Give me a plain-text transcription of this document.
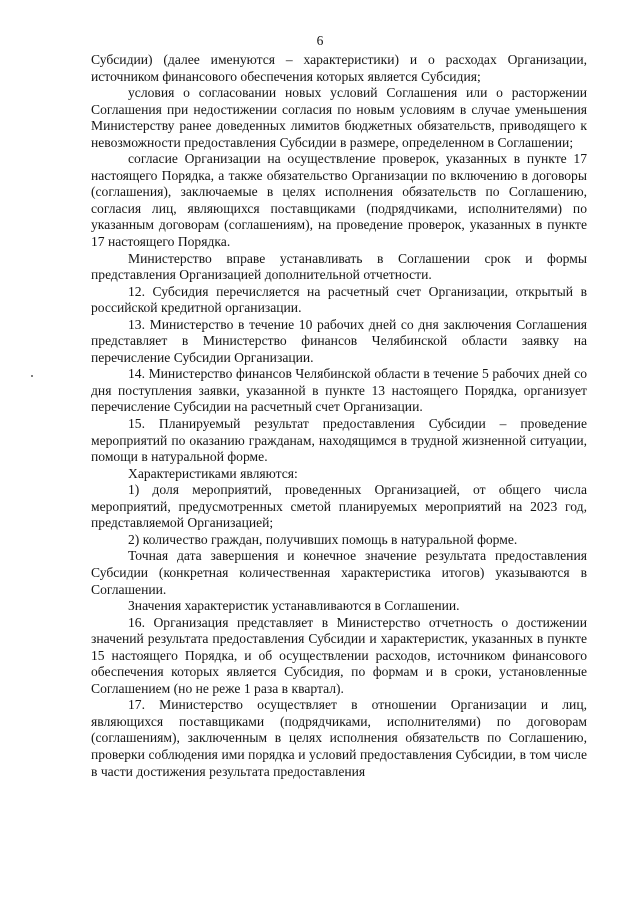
6

Субсидии) (далее именуются – характеристики) и о расходах Организации, источником финансового обеспечения которых является Субсидия;

условия о согласовании новых условий Соглашения или о расторжении Соглашения при недостижении согласия по новым условиям в случае уменьшения Министерству ранее доведенных лимитов бюджетных обязательств, приводящего к невозможности предоставления Субсидии в размере, определенном в Соглашении;

согласие Организации на осуществление проверок, указанных в пункте 17 настоящего Порядка, а также обязательство Организации по включению в договоры (соглашения), заключаемые в целях исполнения обязательств по Соглашению, согласия лиц, являющихся поставщиками (подрядчиками, исполнителями) по указанным договорам (соглашениям), на проведение проверок, указанных в пункте 17 настоящего Порядка.

Министерство вправе устанавливать в Соглашении срок и формы представления Организацией дополнительной отчетности.

12. Субсидия перечисляется на расчетный счет Организации, открытый в российской кредитной организации.

13. Министерство в течение 10 рабочих дней со дня заключения Соглашения представляет в Министерство финансов Челябинской области заявку на перечисление Субсидии Организации.

14. Министерство финансов Челябинской области в течение 5 рабочих дней со дня поступления заявки, указанной в пункте 13 настоящего Порядка, организует перечисление Субсидии на расчетный счет Организации.

15. Планируемый результат предоставления Субсидии – проведение мероприятий по оказанию гражданам, находящимся в трудной жизненной ситуации, помощи в натуральной форме.

Характеристиками являются:

1) доля мероприятий, проведенных Организацией, от общего числа мероприятий, предусмотренных сметой планируемых мероприятий на 2023 год, представляемой Организацией;

2) количество граждан, получивших помощь в натуральной форме.

Точная дата завершения и конечное значение результата предоставления Субсидии (конкретная количественная характеристика итогов) указываются в Соглашении.

Значения характеристик устанавливаются в Соглашении.

16. Организация представляет в Министерство отчетность о достижении значений результата предоставления Субсидии и характеристик, указанных в пункте 15 настоящего Порядка, и об осуществлении расходов, источником финансового обеспечения которых является Субсидия, по формам и в сроки, установленные Соглашением (но не реже 1 раза в квартал).

17. Министерство осуществляет в отношении Организации и лиц, являющихся поставщиками (подрядчиками, исполнителями) по договорам (соглашениям), заключенным в целях исполнения обязательств по Соглашению, проверки соблюдения ими порядка и условий предоставления Субсидии, в том числе в части достижения результата предоставления
